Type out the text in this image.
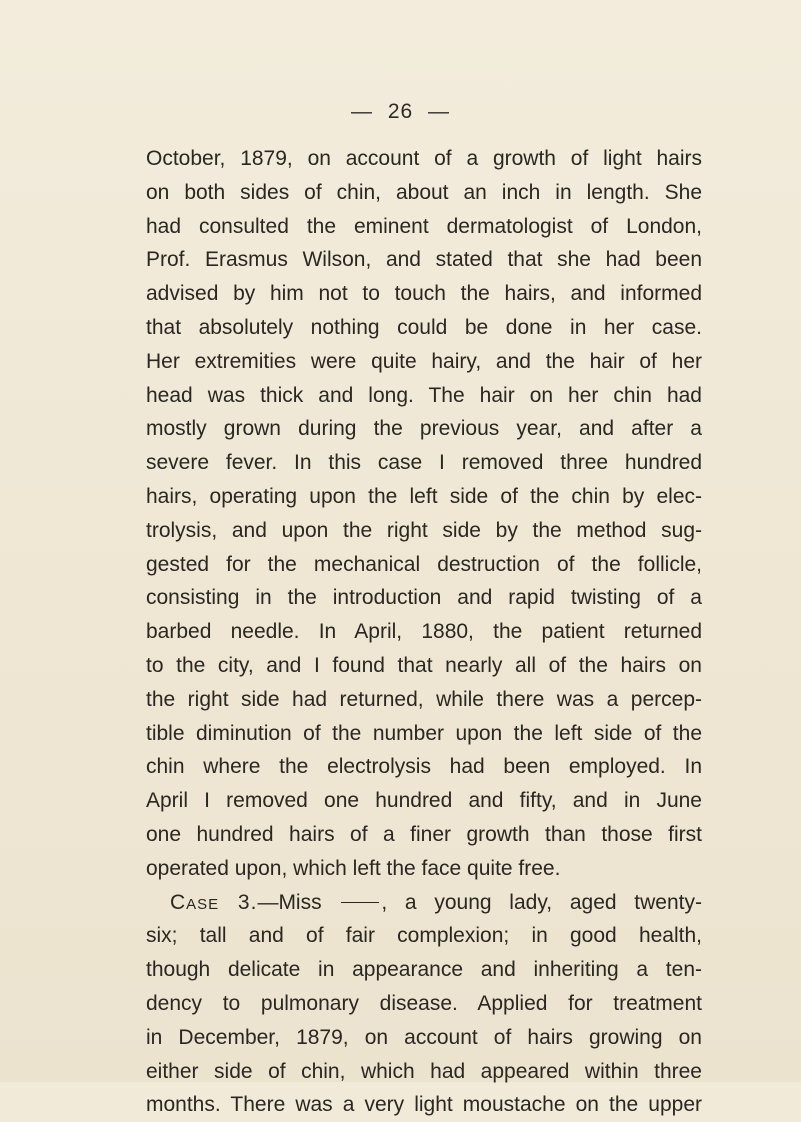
— 26 —
October, 1879, on account of a growth of light hairs
on both sides of chin, about an inch in length. She
had consulted the eminent dermatologist of London,
Prof. Erasmus Wilson, and stated that she had been
advised by him not to touch the hairs, and informed
that absolutely nothing could be done in her case.
Her extremities were quite hairy, and the hair of her
head was thick and long. The hair on her chin had
mostly grown during the previous year, and after a
severe fever. In this case I removed three hundred
hairs, operating upon the left side of the chin by elec-
trolysis, and upon the right side by the method sug-
gested for the mechanical destruction of the follicle,
consisting in the introduction and rapid twisting of a
barbed needle. In April, 1880, the patient returned
to the city, and I found that nearly all of the hairs on
the right side had returned, while there was a percep-
tible diminution of the number upon the left side of the
chin where the electrolysis had been employed. In
April I removed one hundred and fifty, and in June
one hundred hairs of a finer growth than those first
operated upon, which left the face quite free.
Case 3.—Miss	, a young lady, aged twenty-
six; tall and of fair complexion; in good health,
though delicate in appearance and inheriting a ten-
dency to pulmonary disease. Applied for treatment
in December, 1879, on account of hairs growing on
either side of chin, which had appeared within three
months. There was a very light moustache on the upper
